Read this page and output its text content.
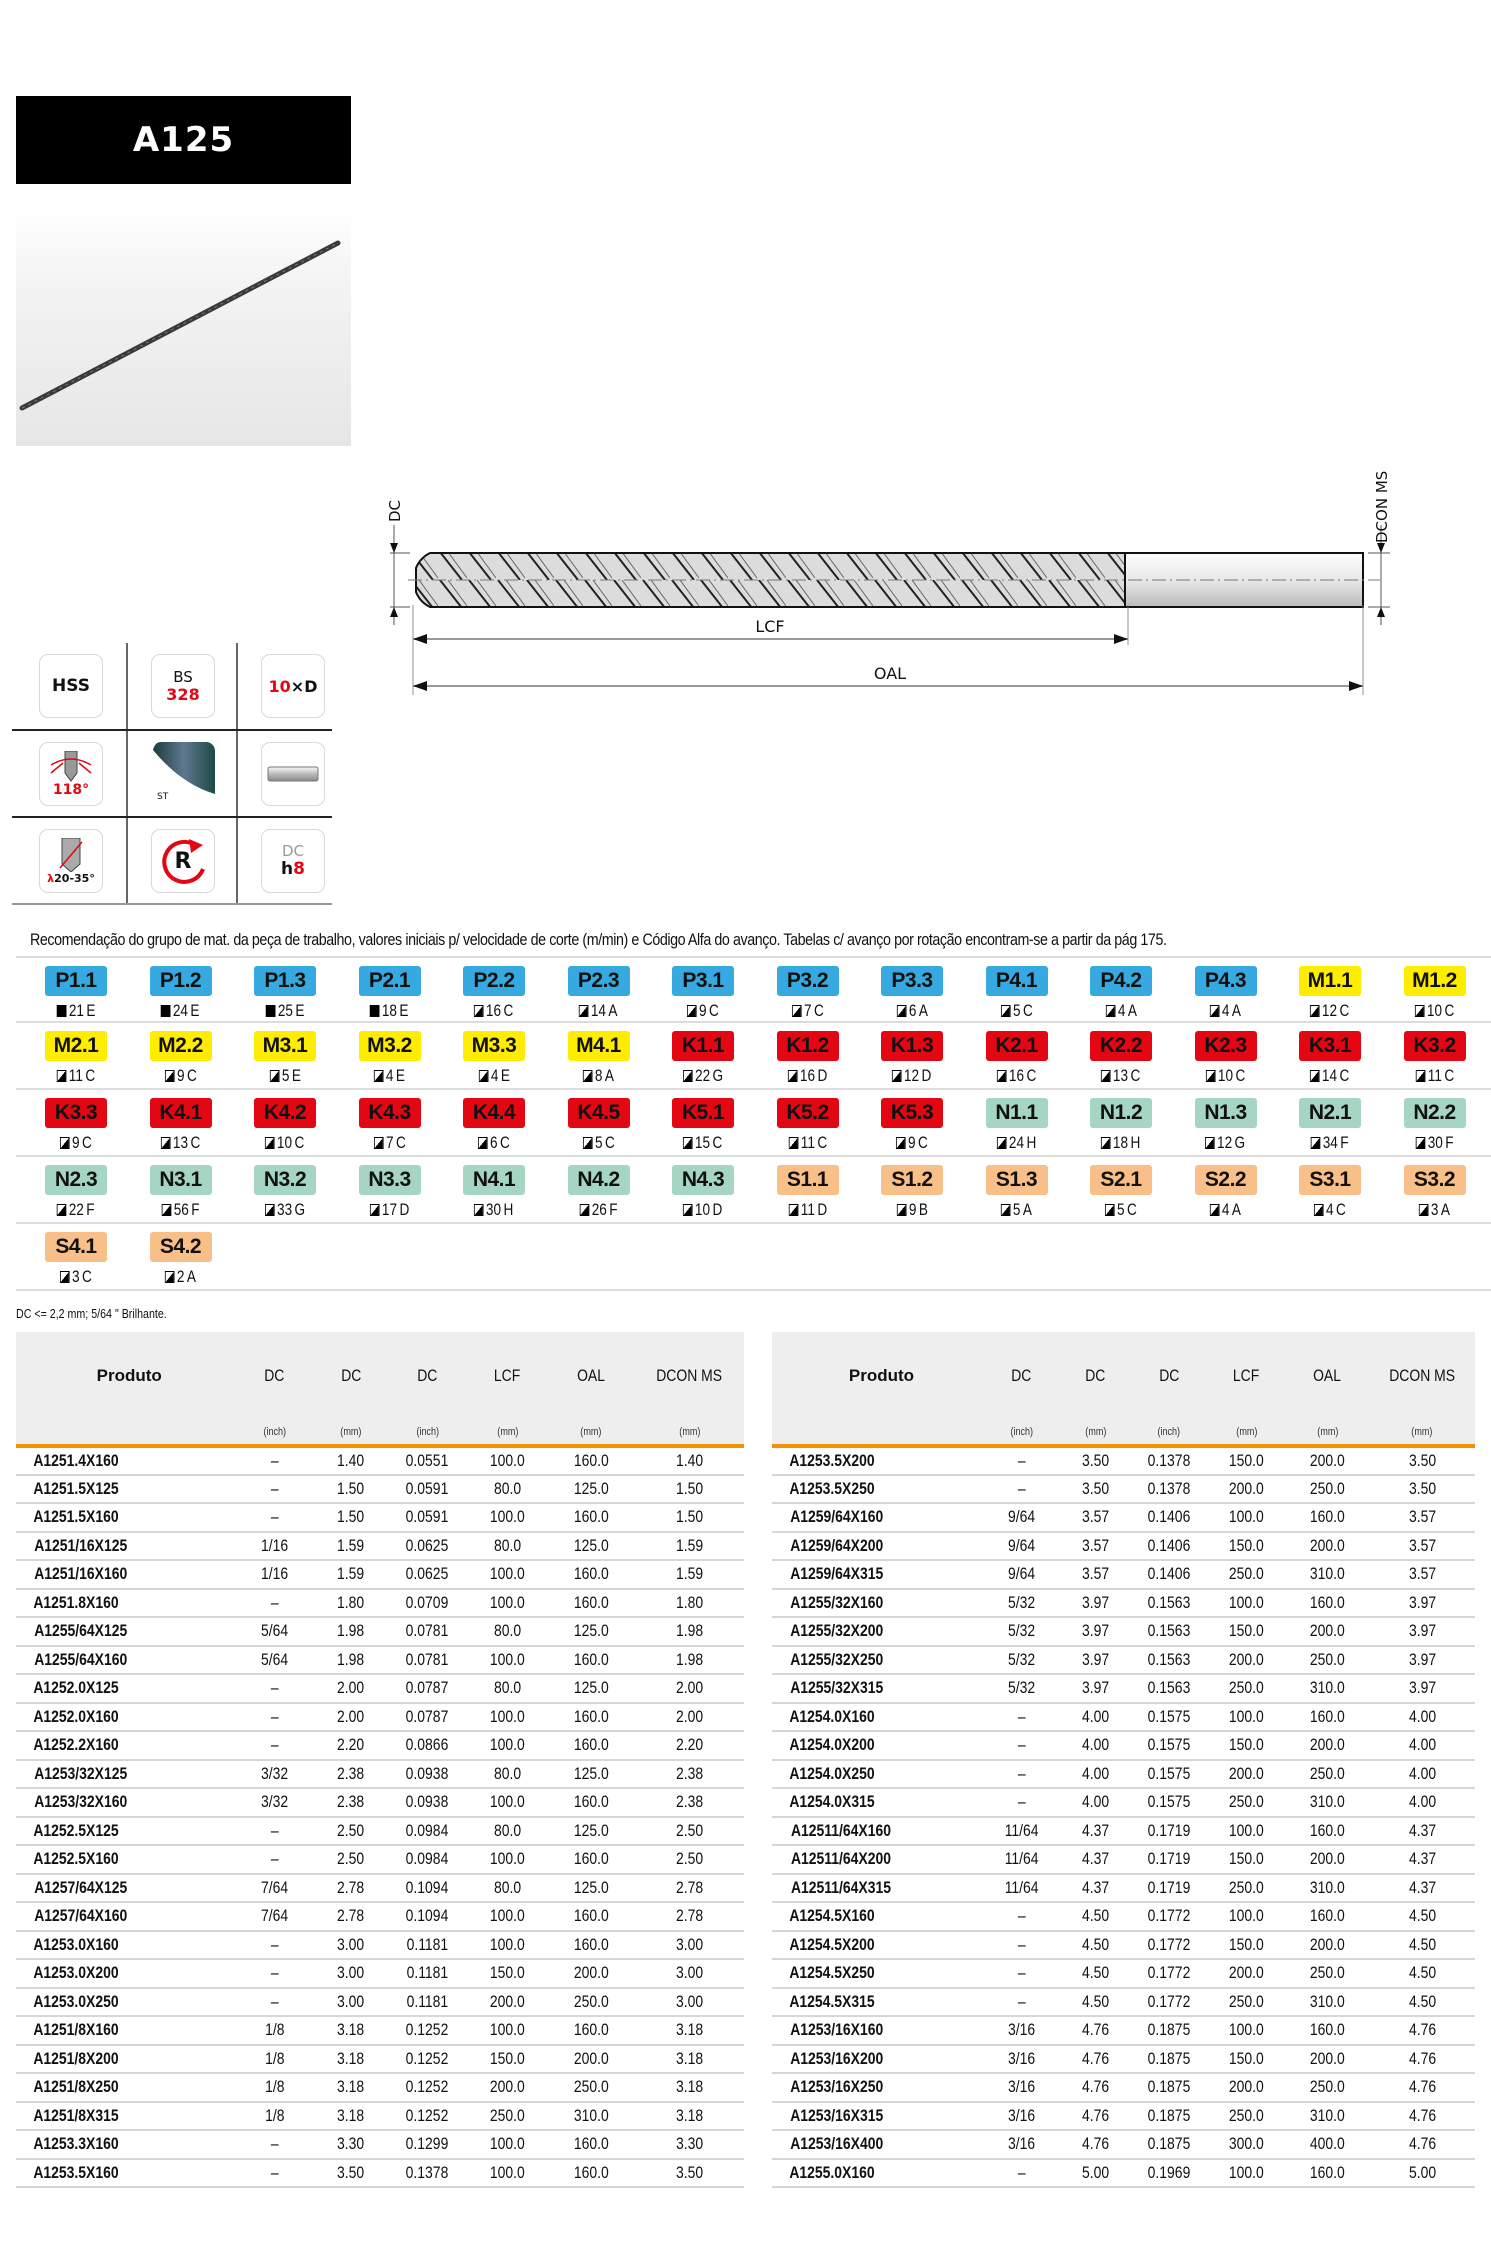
A125
DC	DCON MS
LCF
OAL
HSS	BS
328	10×D
118°	ST
λ20-35°
R	DC
h8
Recomendação do grupo de mat. da peça de trabalho, valores iniciais p/ velocidade de corte (m/min) e Código Alfa do avanço. Tabelas c/ avanço por rotação encontram-se a partir da pág 175.
P1.1
21 E
P1.2
24 E
P1.3
25 E
P2.1
18 E
P2.2
16 C
P2.3
14 A
P3.1
9 C
P3.2
7 C
P3.3
6 A
P4.1
5 C
P4.2
4 A
P4.3
4 A
M1.1
12 C
M1.2
10 C
M2.1
11 C
M2.2
9 C
M3.1
5 E
M3.2
4 E
M3.3
4 E
M4.1
8 A
K1.1
22 G
K1.2
16 D
K1.3
12 D
K2.1
16 C
K2.2
13 C
K2.3
10 C
K3.1
14 C
K3.2
11 C
K3.3
9 C
K4.1
13 C
K4.2
10 C
K4.3
7 C
K4.4
6 C
K4.5
5 C
K5.1
15 C
K5.2
11 C
K5.3
9 C
N1.1
24 H
N1.2
18 H
N1.3
12 G
N2.1
34 F
N2.2
30 F
N2.3
22 F
N3.1
56 F
N3.2
33 G
N3.3
17 D
N4.1
30 H
N4.2
26 F
N4.3
10 D
S1.1
11 D
S1.2
9 B
S1.3
5 A
S2.1
5 C
S2.2
4 A
S3.1
4 C
S3.2
3 A
S4.1
3 C
S4.2
2 A
DC <= 2,2 mm; 5/64 " Brilhante.
Produto	DC	DC	DC	LCF	OAL	DCON MS
	(inch)	(mm)	(inch)	(mm)	(mm)	(mm)
A1251.4X160	–	1.40	0.0551	100.0	160.0	1.40
A1251.5X125	–	1.50	0.0591	80.0	125.0	1.50
A1251.5X160	–	1.50	0.0591	100.0	160.0	1.50
A1251/16X125	1/16	1.59	0.0625	80.0	125.0	1.59
A1251/16X160	1/16	1.59	0.0625	100.0	160.0	1.59
A1251.8X160	–	1.80	0.0709	100.0	160.0	1.80
A1255/64X125	5/64	1.98	0.0781	80.0	125.0	1.98
A1255/64X160	5/64	1.98	0.0781	100.0	160.0	1.98
A1252.0X125	–	2.00	0.0787	80.0	125.0	2.00
A1252.0X160	–	2.00	0.0787	100.0	160.0	2.00
A1252.2X160	–	2.20	0.0866	100.0	160.0	2.20
A1253/32X125	3/32	2.38	0.0938	80.0	125.0	2.38
A1253/32X160	3/32	2.38	0.0938	100.0	160.0	2.38
A1252.5X125	–	2.50	0.0984	80.0	125.0	2.50
A1252.5X160	–	2.50	0.0984	100.0	160.0	2.50
A1257/64X125	7/64	2.78	0.1094	80.0	125.0	2.78
A1257/64X160	7/64	2.78	0.1094	100.0	160.0	2.78
A1253.0X160	–	3.00	0.1181	100.0	160.0	3.00
A1253.0X200	–	3.00	0.1181	150.0	200.0	3.00
A1253.0X250	–	3.00	0.1181	200.0	250.0	3.00
A1251/8X160	1/8	3.18	0.1252	100.0	160.0	3.18
A1251/8X200	1/8	3.18	0.1252	150.0	200.0	3.18
A1251/8X250	1/8	3.18	0.1252	200.0	250.0	3.18
A1251/8X315	1/8	3.18	0.1252	250.0	310.0	3.18
A1253.3X160	–	3.30	0.1299	100.0	160.0	3.30
A1253.5X160	–	3.50	0.1378	100.0	160.0	3.50
Produto	DC	DC	DC	LCF	OAL	DCON MS
	(inch)	(mm)	(inch)	(mm)	(mm)	(mm)
A1253.5X200	–	3.50	0.1378	150.0	200.0	3.50
A1253.5X250	–	3.50	0.1378	200.0	250.0	3.50
A1259/64X160	9/64	3.57	0.1406	100.0	160.0	3.57
A1259/64X200	9/64	3.57	0.1406	150.0	200.0	3.57
A1259/64X315	9/64	3.57	0.1406	250.0	310.0	3.57
A1255/32X160	5/32	3.97	0.1563	100.0	160.0	3.97
A1255/32X200	5/32	3.97	0.1563	150.0	200.0	3.97
A1255/32X250	5/32	3.97	0.1563	200.0	250.0	3.97
A1255/32X315	5/32	3.97	0.1563	250.0	310.0	3.97
A1254.0X160	–	4.00	0.1575	100.0	160.0	4.00
A1254.0X200	–	4.00	0.1575	150.0	200.0	4.00
A1254.0X250	–	4.00	0.1575	200.0	250.0	4.00
A1254.0X315	–	4.00	0.1575	250.0	310.0	4.00
A12511/64X160	11/64	4.37	0.1719	100.0	160.0	4.37
A12511/64X200	11/64	4.37	0.1719	150.0	200.0	4.37
A12511/64X315	11/64	4.37	0.1719	250.0	310.0	4.37
A1254.5X160	–	4.50	0.1772	100.0	160.0	4.50
A1254.5X200	–	4.50	0.1772	150.0	200.0	4.50
A1254.5X250	–	4.50	0.1772	200.0	250.0	4.50
A1254.5X315	–	4.50	0.1772	250.0	310.0	4.50
A1253/16X160	3/16	4.76	0.1875	100.0	160.0	4.76
A1253/16X200	3/16	4.76	0.1875	150.0	200.0	4.76
A1253/16X250	3/16	4.76	0.1875	200.0	250.0	4.76
A1253/16X315	3/16	4.76	0.1875	250.0	310.0	4.76
A1253/16X400	3/16	4.76	0.1875	300.0	400.0	4.76
A1255.0X160	–	5.00	0.1969	100.0	160.0	5.00
